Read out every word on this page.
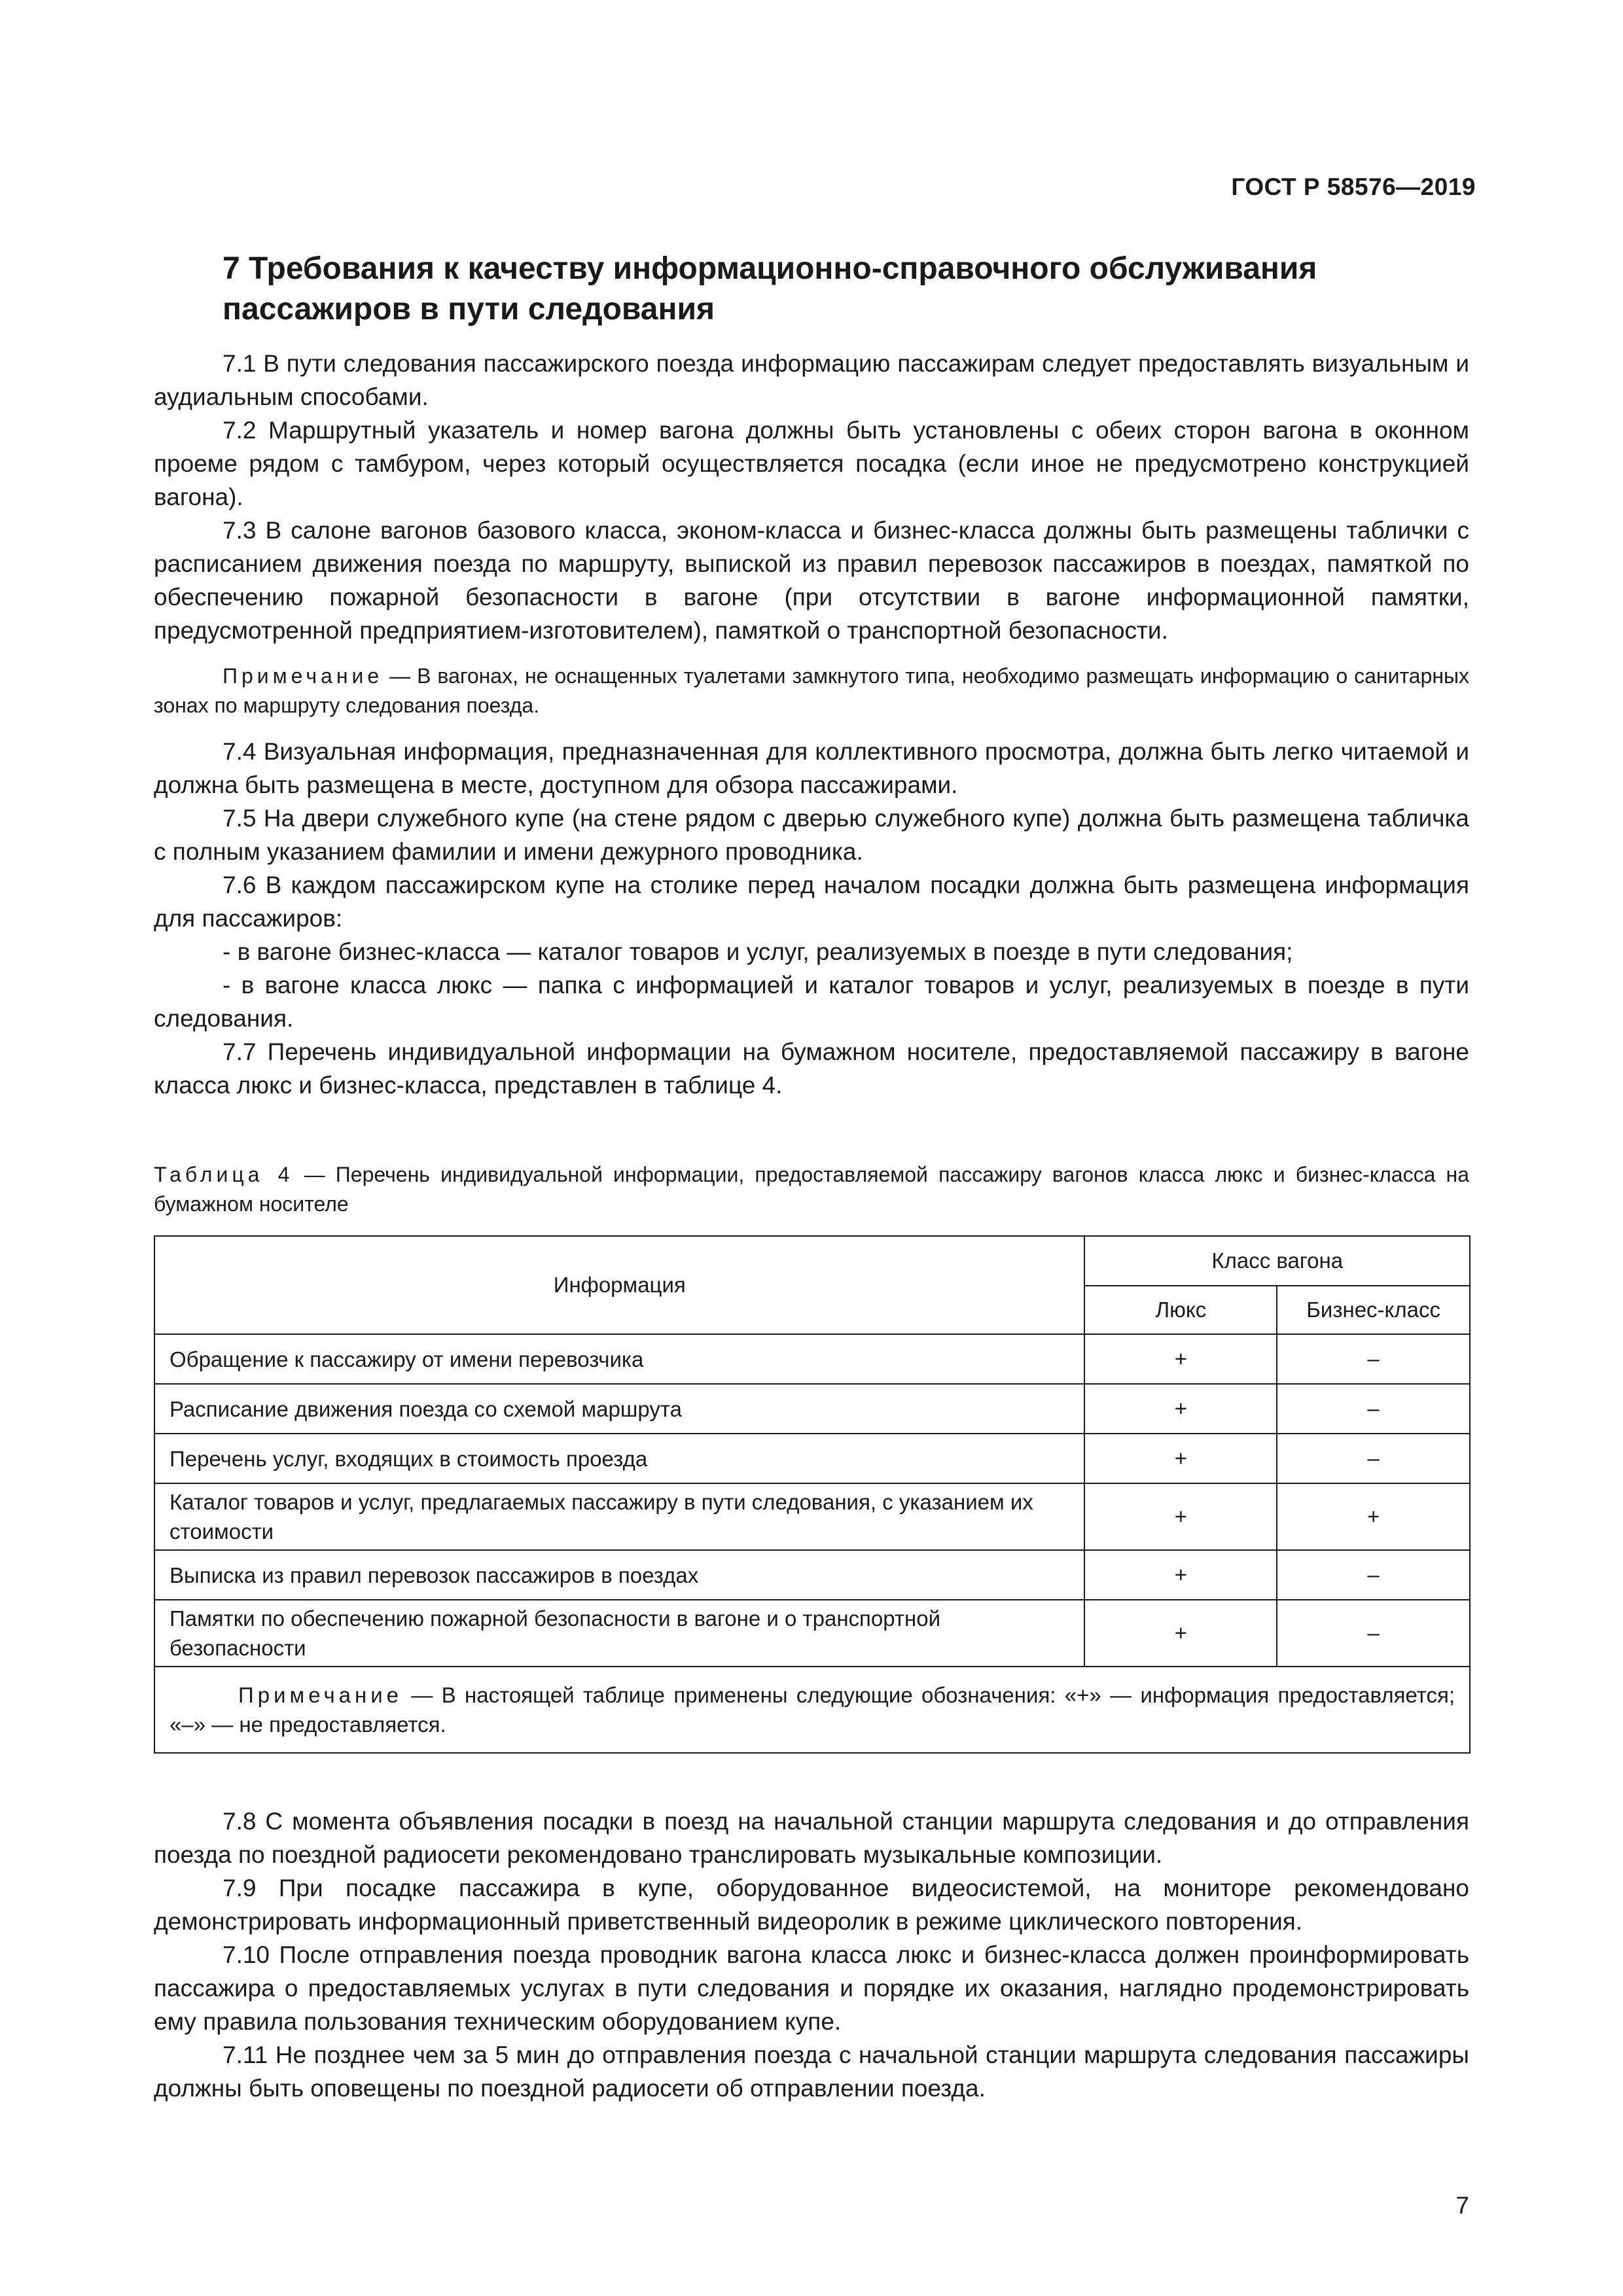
ГОСТ Р 58576—2019
7 Требования к качеству информационно-справочного обслуживания пассажиров в пути следования

7.1 В пути следования пассажирского поезда информацию пассажирам следует предоставлять визуальным и аудиальным способами.

7.2 Маршрутный указатель и номер вагона должны быть установлены с обеих сторон вагона в оконном проеме рядом с тамбуром, через который осуществляется посадка (если иное не предусмотрено конструкцией вагона).

7.3 В салоне вагонов базового класса, эконом-класса и бизнес-класса должны быть размещены таблички с расписанием движения поезда по маршруту, выпиской из правил перевозок пассажиров в поездах, памяткой по обеспечению пожарной безопасности в вагоне (при отсутствии в вагоне информационной памятки, предусмотренной предприятием-изготовителем), памяткой о транспортной безопасности.

Примечание — В вагонах, не оснащенных туалетами замкнутого типа, необходимо размещать информацию о санитарных зонах по маршруту следования поезда.

7.4 Визуальная информация, предназначенная для коллективного просмотра, должна быть легко читаемой и должна быть размещена в месте, доступном для обзора пассажирами.

7.5 На двери служебного купе (на стене рядом с дверью служебного купе) должна быть размещена табличка с полным указанием фамилии и имени дежурного проводника.

7.6 В каждом пассажирском купе на столике перед началом посадки должна быть размещена информация для пассажиров:

- в вагоне бизнес-класса — каталог товаров и услуг, реализуемых в поезде в пути следования;

- в вагоне класса люкс — папка с информацией и каталог товаров и услуг, реализуемых в поезде в пути следования.

7.7 Перечень индивидуальной информации на бумажном носителе, предоставляемой пассажиру в вагоне класса люкс и бизнес-класса, представлен в таблице 4.

Таблица 4 — Перечень индивидуальной информации, предоставляемой пассажиру вагонов класса люкс и бизнес-класса на бумажном носителе
Информация	Класс вагона	
	Люкс	Бизнес-класс
Обращение к пассажиру от имени перевозчика	+	–
Расписание движения поезда со схемой маршрута	+	–
Перечень услуг, входящих в стоимость проезда	+	–
Каталог товаров и услуг, предлагаемых пассажиру в пути следования, с указанием их стоимости	+	+
Выписка из правил перевозок пассажиров в поездах	+	–
Памятки по обеспечению пожарной безопасности в вагоне и о транспортной безопасности	+	–
Примечание — В настоящей таблице применены следующие обозначения: «+» — информация предоставляется; «–» — не предоставляется.		

7.8 С момента объявления посадки в поезд на начальной станции маршрута следования и до отправления поезда по поездной радиосети рекомендовано транслировать музыкальные композиции.

7.9 При посадке пассажира в купе, оборудованное видеосистемой, на мониторе рекомендовано демонстрировать информационный приветственный видеоролик в режиме циклического повторения.

7.10 После отправления поезда проводник вагона класса люкс и бизнес-класса должен проинформировать пассажира о предоставляемых услугах в пути следования и порядке их оказания, наглядно продемонстрировать ему правила пользования техническим оборудованием купе.

7.11 Не позднее чем за 5 мин до отправления поезда с начальной станции маршрута следования пассажиры должны быть оповещены по поездной радиосети об отправлении поезда.

7
